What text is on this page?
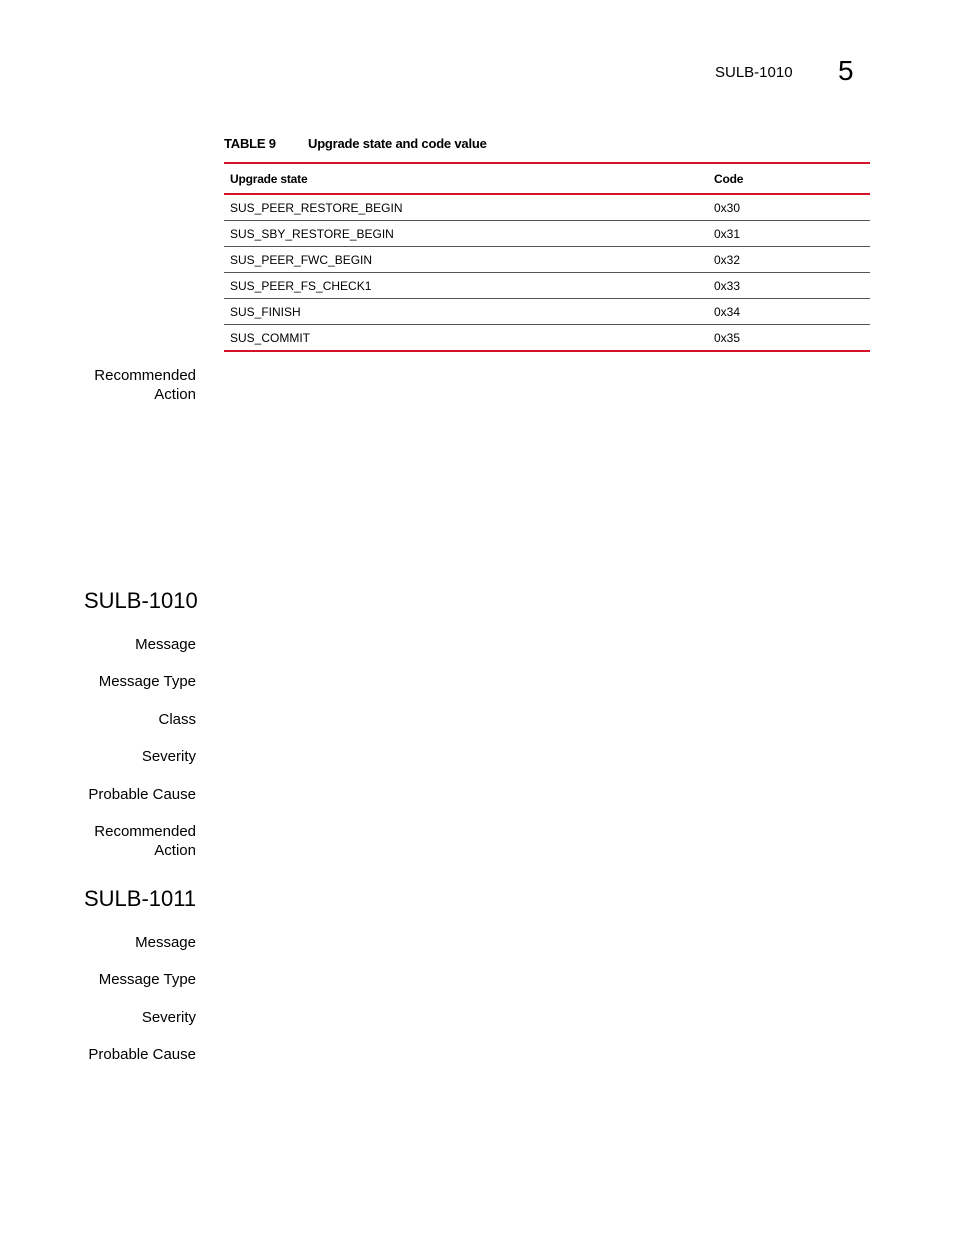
SULB-1010 5
TABLE 9 Upgrade state and code value
Upgrade state	Code
SUS_PEER_RESTORE_BEGIN	0x30
SUS_SBY_RESTORE_BEGIN	0x31
SUS_PEER_FWC_BEGIN	0x32
SUS_PEER_FS_CHECK1	0x33
SUS_FINISH	0x34
SUS_COMMIT	0x35
Recommended
Action
SULB-1010
Message
Message Type
Class
Severity
Probable Cause
Recommended
Action
SULB-1011
Message
Message Type
Severity
Probable Cause
